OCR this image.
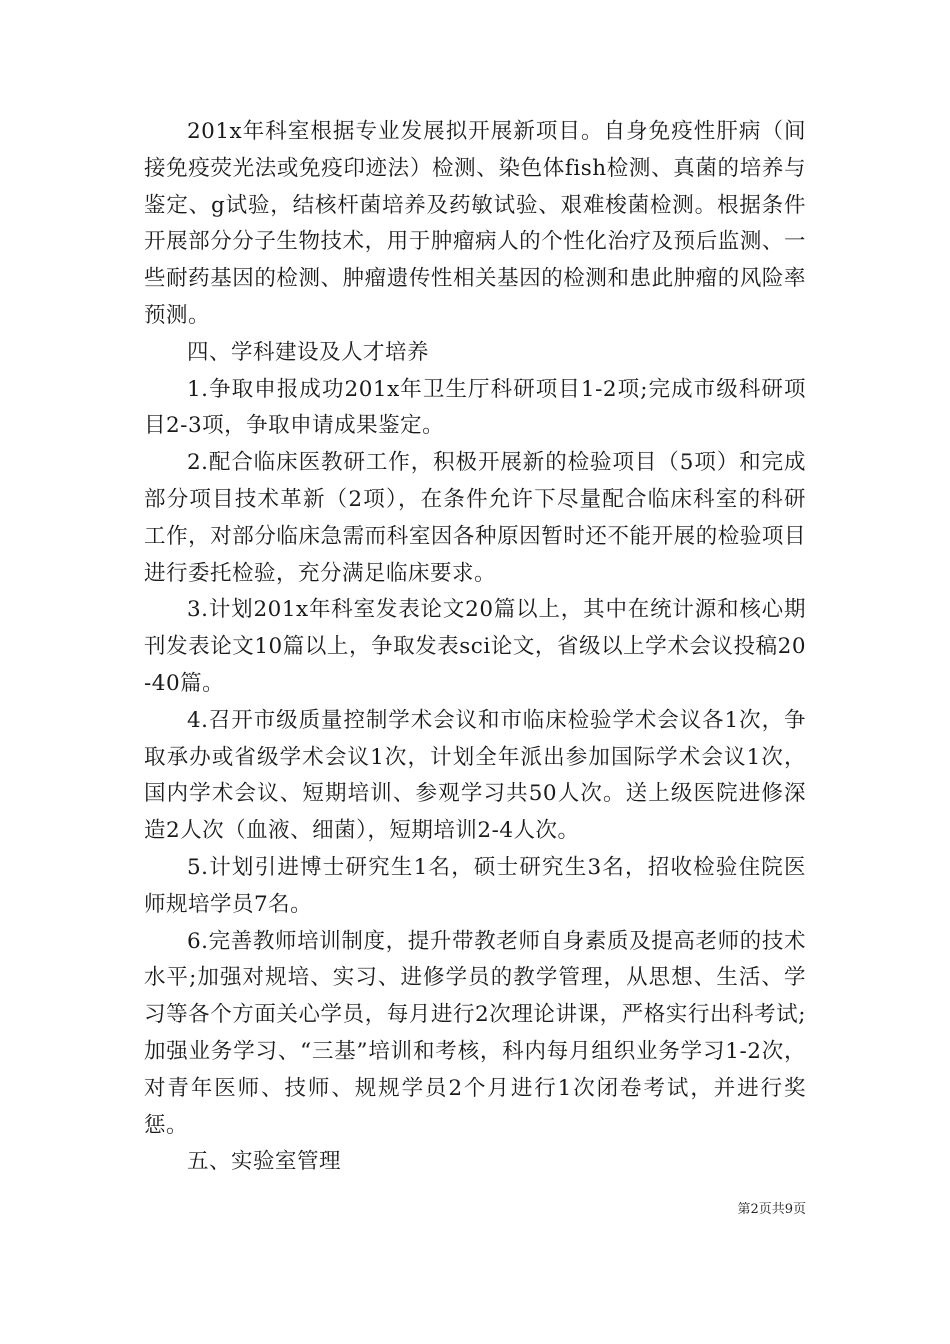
201x年科室根据专业发展拟开展新项目。自身免疫性肝病（间接免疫荧光法或免疫印迹法）检测、染色体fish检测、真菌的培养与鉴定、g试验，结核杆菌培养及药敏试验、艰难梭菌检测。根据条件开展部分分子生物技术，用于肿瘤病人的个性化治疗及预后监测、一些耐药基因的检测、肿瘤遗传性相关基因的检测和患此肿瘤的风险率预测。

四、学科建设及人才培养

1.争取申报成功201x年卫生厅科研项目1-2项;完成市级科研项目2-3项，争取申请成果鉴定。

2.配合临床医教研工作，积极开展新的检验项目（5项）和完成部分项目技术革新（2项），在条件允许下尽量配合临床科室的科研工作，对部分临床急需而科室因各种原因暂时还不能开展的检验项目进行委托检验，充分满足临床要求。

3.计划201x年科室发表论文20篇以上，其中在统计源和核心期刊发表论文10篇以上，争取发表sci论文，省级以上学术会议投稿20-40篇。

4.召开市级质量控制学术会议和市临床检验学术会议各1次，争取承办或省级学术会议1次，计划全年派出参加国际学术会议1次，国内学术会议、短期培训、参观学习共50人次。送上级医院进修深造2人次（血液、细菌），短期培训2-4人次。

5.计划引进博士研究生1名，硕士研究生3名，招收检验住院医师规培学员7名。

6.完善教师培训制度，提升带教老师自身素质及提高老师的技术水平;加强对规培、实习、进修学员的教学管理，从思想、生活、学习等各个方面关心学员，每月进行2次理论讲课，严格实行出科考试;加强业务学习、“三基”培训和考核，科内每月组织业务学习1-2次，对青年医师、技师、规规学员2个月进行1次闭卷考试，并进行奖惩。

五、实验室管理

第2页共9页
